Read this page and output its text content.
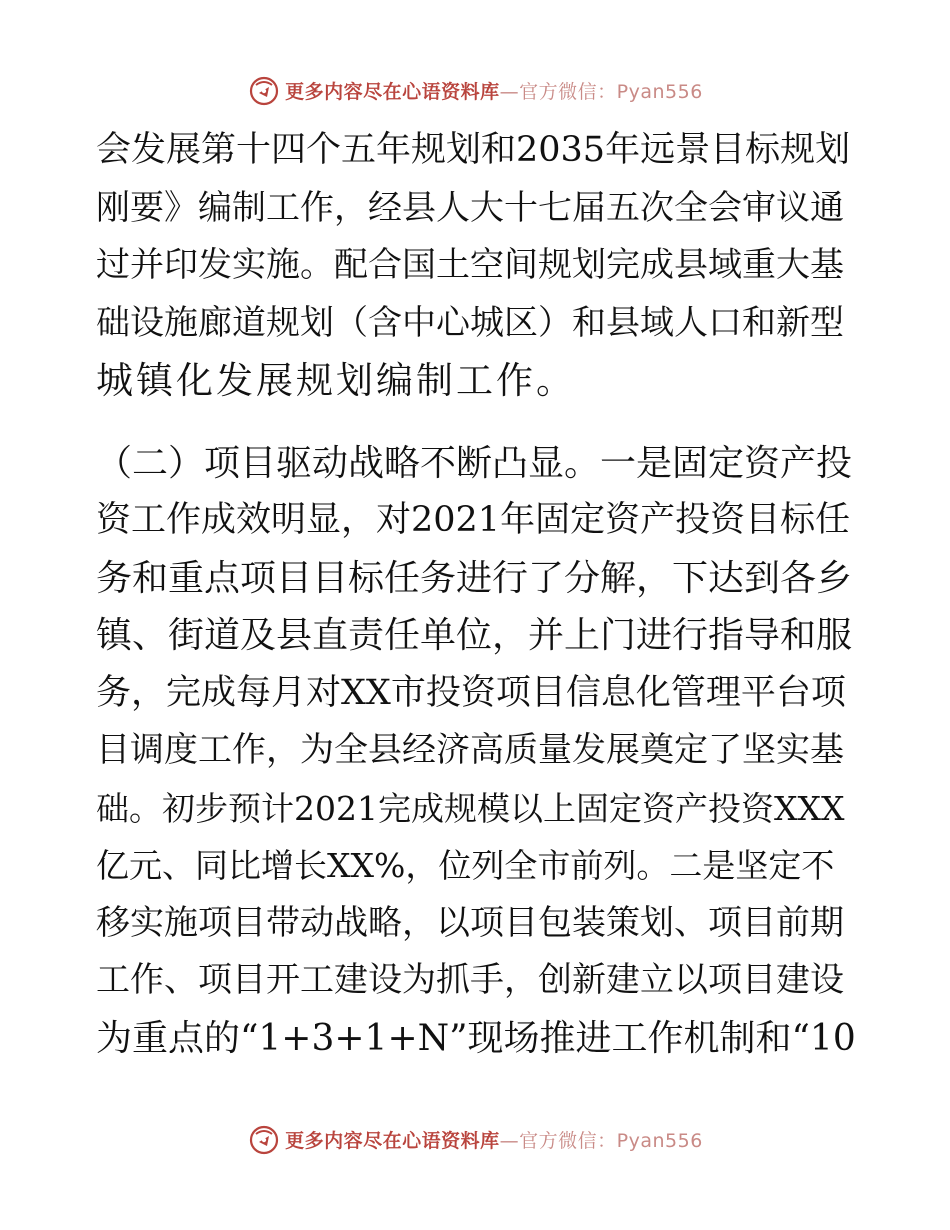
更多内容尽在心语资料库—官方微信：Pyan556
会发展第十四个五年规划和2035年远景目标规划
刚要》编制工作，经县人大十七届五次全会审议通
过并印发实施。配合国土空间规划完成县域重大基
础设施廊道规划（含中心城区）和县域人口和新型
城镇化发展规划编制工作。
（二）项目驱动战略不断凸显。一是固定资产投
资工作成效明显，对2021年固定资产投资目标任
务和重点项目目标任务进行了分解，下达到各乡
镇、街道及县直责任单位，并上门进行指导和服
务，完成每月对XX市投资项目信息化管理平台项
目调度工作，为全县经济高质量发展奠定了坚实基
础。初步预计2021完成规模以上固定资产投资XXX
亿元、同比增长XX%，位列全市前列。二是坚定不
移实施项目带动战略，以项目包装策划、项目前期
工作、项目开工建设为抓手，创新建立以项目建设
为重点的“1+3+1+N”现场推进工作机制和“10
更多内容尽在心语资料库—官方微信：Pyan556
